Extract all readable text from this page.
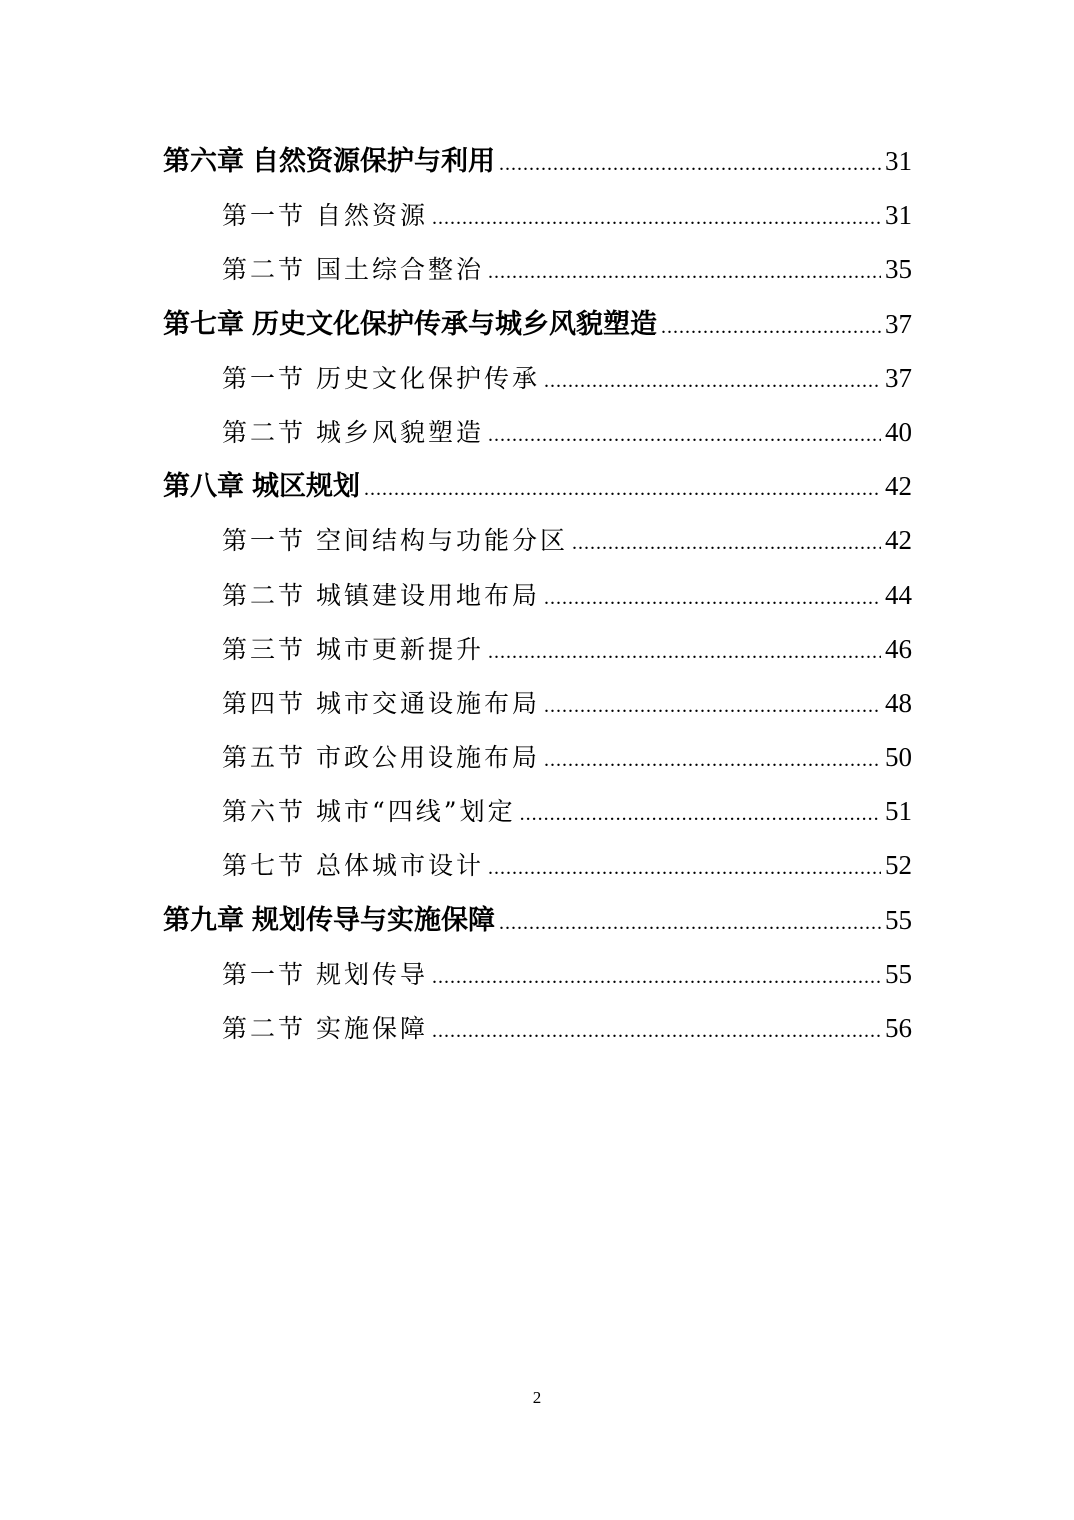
第六章 自然资源保护与利用 .....	31
第一节 自然资源 .....	31
第二节 国土综合整治 .....	35
第七章 历史文化保护传承与城乡风貌塑造 .....	37
第一节 历史文化保护传承 .....	37
第二节 城乡风貌塑造 .....	40
第八章 城区规划 .....	42
第一节 空间结构与功能分区 .....	42
第二节 城镇建设用地布局 .....	44
第三节 城市更新提升 .....	46
第四节 城市交通设施布局 .....	48
第五节 市政公用设施布局 .....	50
第六节 城市“四线”划定 .....	51
第七节 总体城市设计 .....	52
第九章 规划传导与实施保障 .....	55
第一节 规划传导 .....	55
第二节 实施保障 .....	56
2
